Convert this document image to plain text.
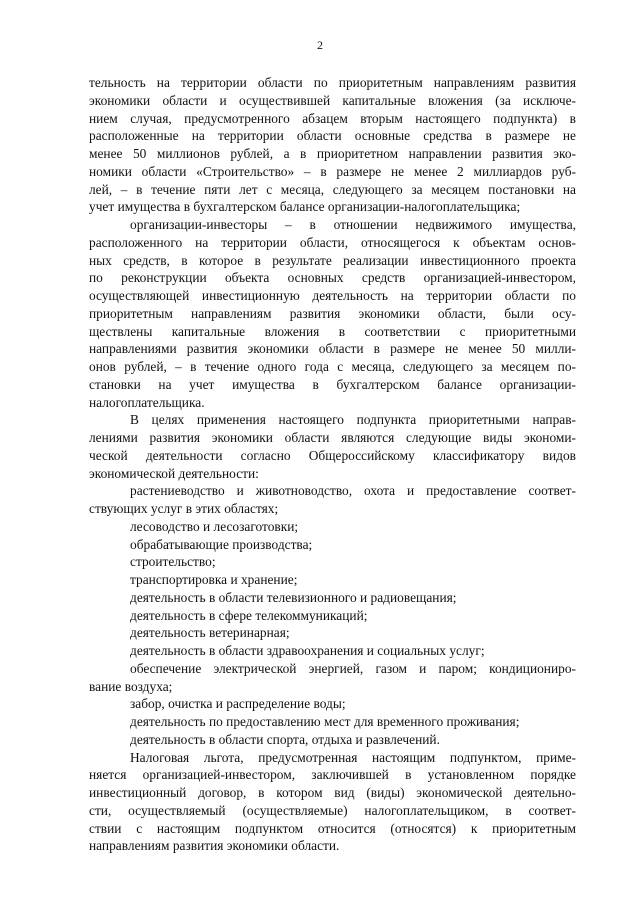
2

тельность на территории области по приоритетным направлениям развития
экономики области и осуществившей капитальные вложения (за исключе-
нием случая, предусмотренного абзацем вторым настоящего подпункта) в
расположенные на территории области основные средства в размере не
менее 50 миллионов рублей, а в приоритетном направлении развития эко-
номики области «Строительство» – в размере не менее 2 миллиардов руб-
лей, – в течение пяти лет с месяца, следующего за месяцем постановки на
учет имущества в бухгалтерском балансе организации-налогоплательщика;

организации-инвесторы – в отношении недвижимого имущества,
расположенного на территории области, относящегося к объектам основ-
ных средств, в которое в результате реализации инвестиционного проекта
по реконструкции объекта основных средств организацией-инвестором,
осуществляющей инвестиционную деятельность на территории области по
приоритетным направлениям развития экономики области, были осу-
ществлены капитальные вложения в соответствии с приоритетными
направлениями развития экономики области в размере не менее 50 милли-
онов рублей, – в течение одного года с месяца, следующего за месяцем по-
становки на учет имущества в бухгалтерском балансе организации-
налогоплательщика.

В целях применения настоящего подпункта приоритетными направ-
лениями развития экономики области являются следующие виды экономи-
ческой деятельности согласно Общероссийскому классификатору видов
экономической деятельности:

растениеводство и животноводство, охота и предоставление соответ-
ствующих услуг в этих областях;

лесоводство и лесозаготовки;

обрабатывающие производства;

строительство;

транспортировка и хранение;

деятельность в области телевизионного и радиовещания;

деятельность в сфере телекоммуникаций;

деятельность ветеринарная;

деятельность в области здравоохранения и социальных услуг;

обеспечение электрической энергией, газом и паром; кондициониро-
вание воздуха;

забор, очистка и распределение воды;

деятельность по предоставлению мест для временного проживания;

деятельность в области спорта, отдыха и развлечений.

Налоговая льгота, предусмотренная настоящим подпунктом, приме-
няется организацией-инвестором, заключившей в установленном порядке
инвестиционный договор, в котором вид (виды) экономической деятельно-
сти, осуществляемый (осуществляемые) налогоплательщиком, в соответ-
ствии с настоящим подпунктом относится (относятся) к приоритетным
направлениям развития экономики области.
